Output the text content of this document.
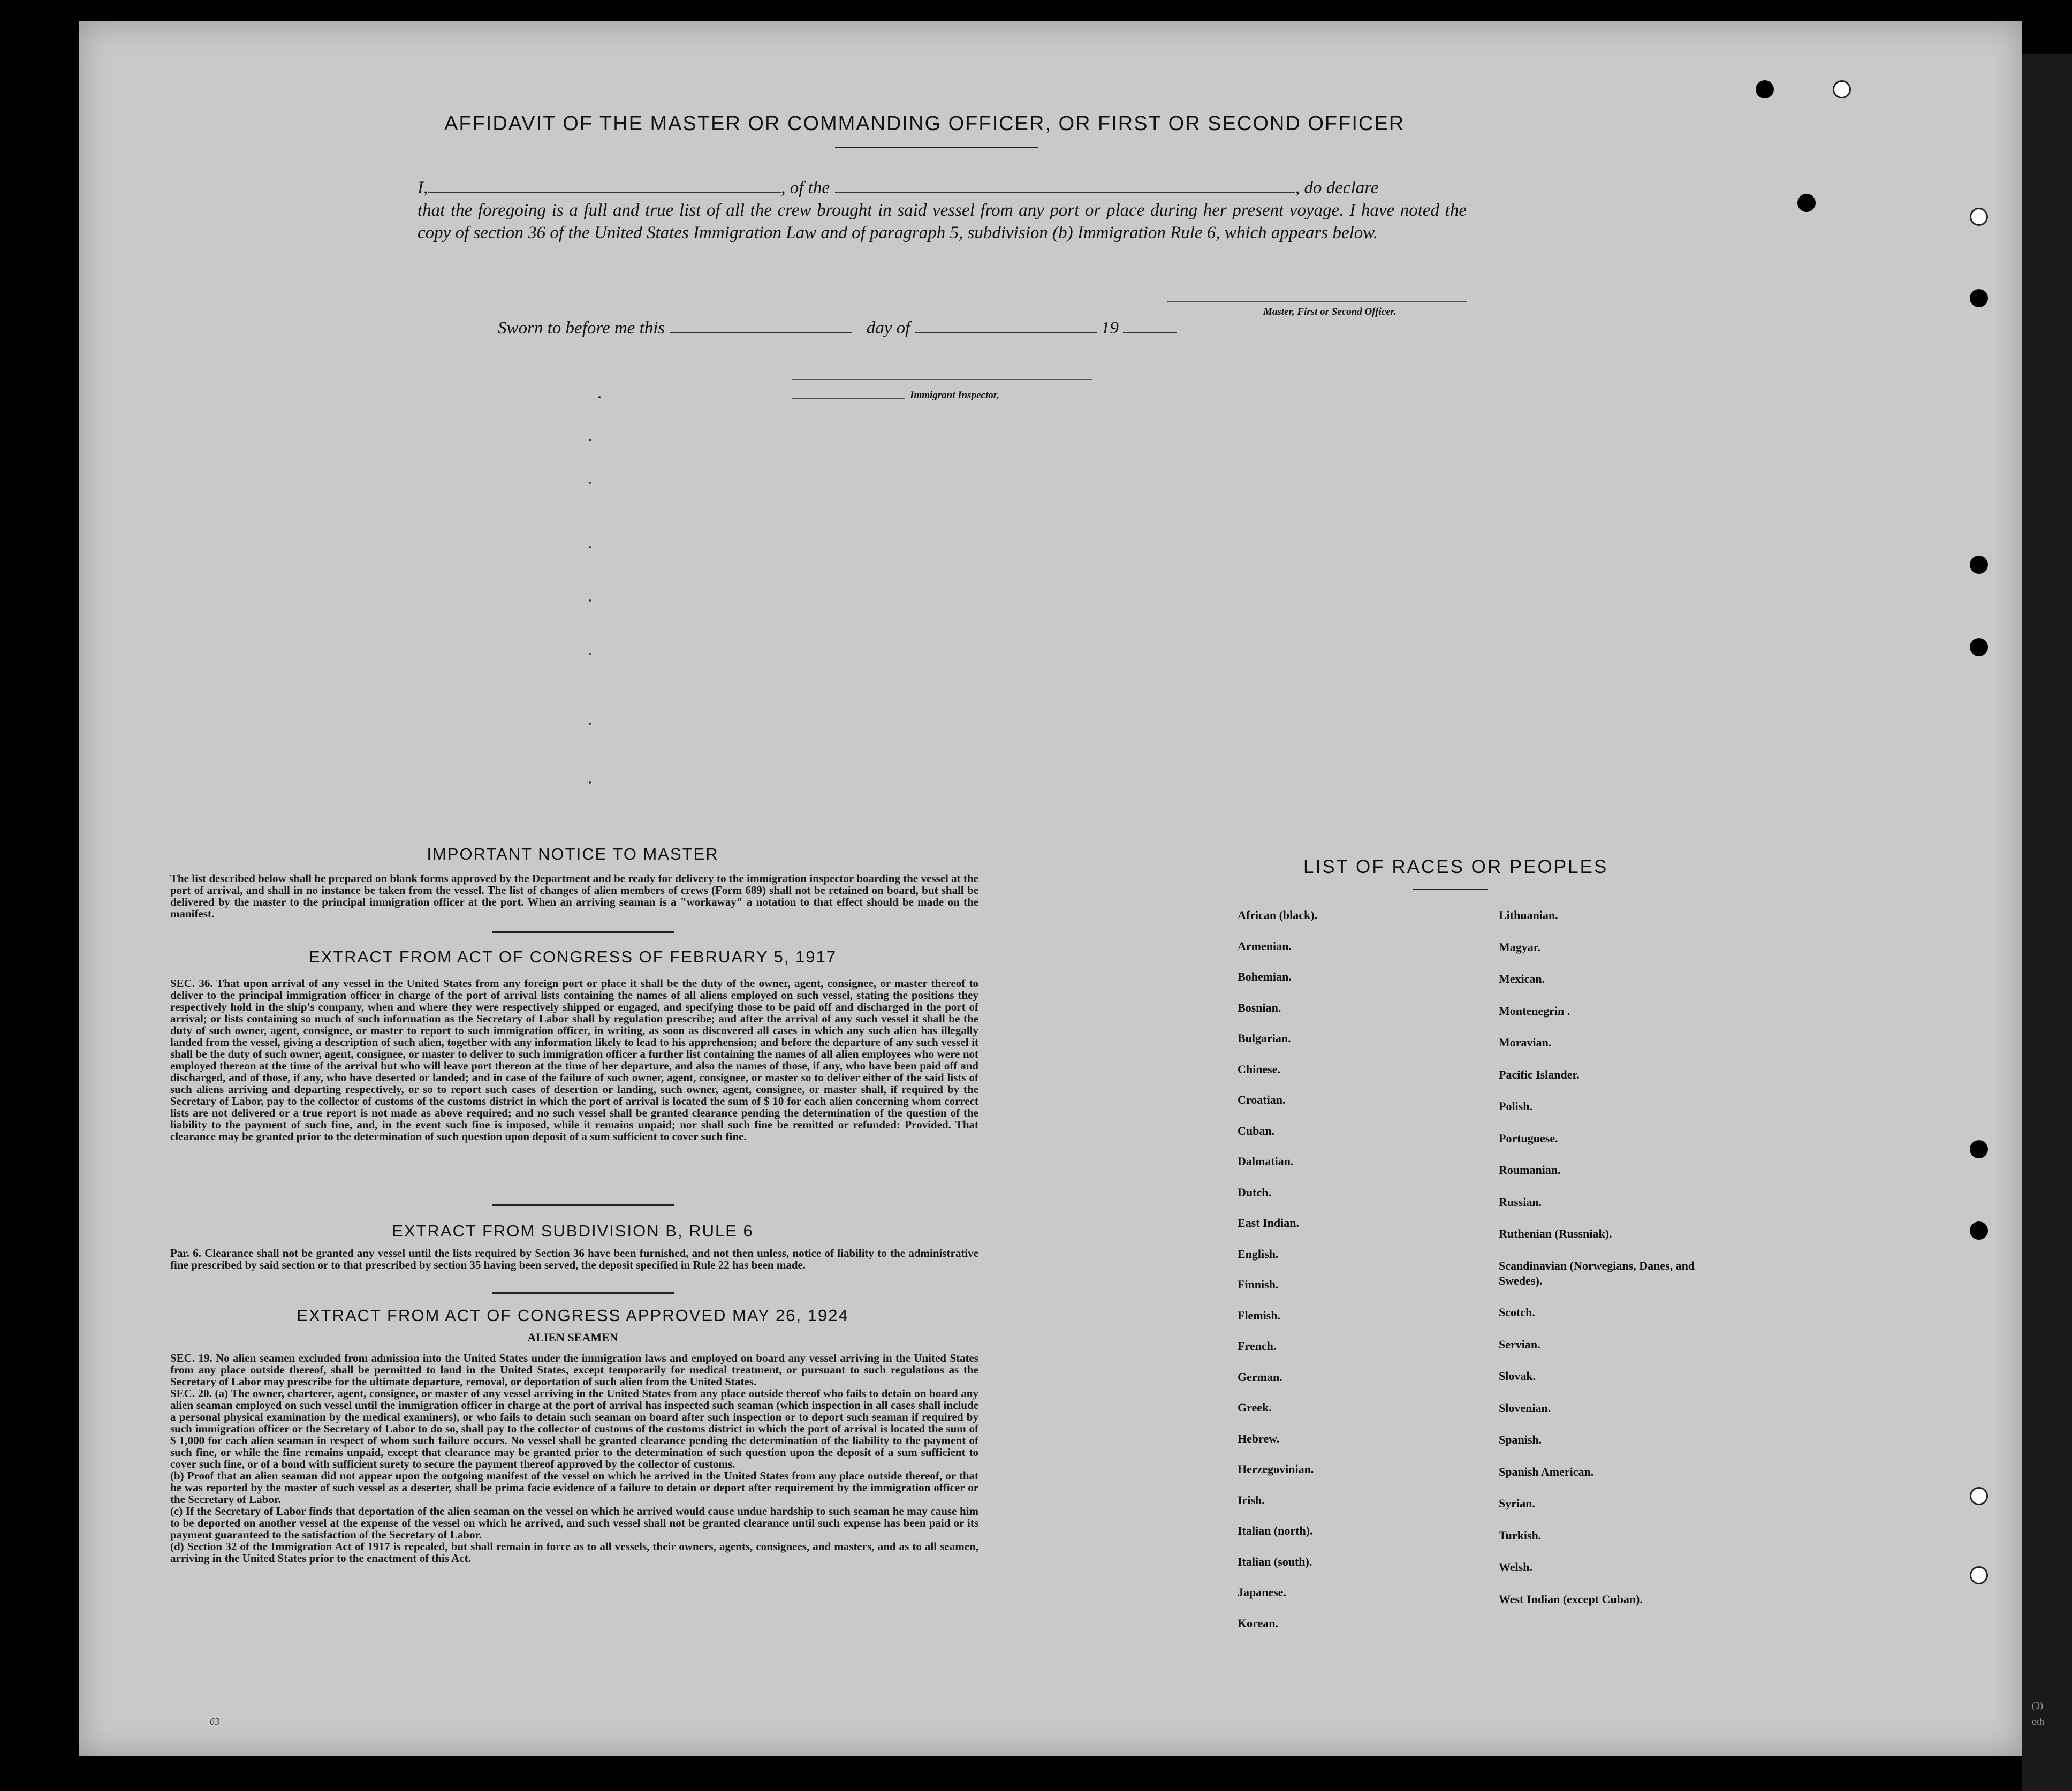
AFFIDAVIT OF THE MASTER OR COMMANDING OFFICER, OR FIRST OR SECOND OFFICER
I,	, of the	, do declare
that the foregoing is a full and true list of all the crew brought in said vessel from any port or place during her present voyage. I have noted the copy of section 36 of the United States Immigration Law and of paragraph 5, subdivision (b) Immigration Rule 6, which appears below.
Master, First or Second Officer.
Sworn to before me this	day of	19
Immigrant Inspector,
IMPORTANT NOTICE TO MASTER
The list described below shall be prepared on blank forms approved by the Department and be ready for delivery to the immigration inspector boarding the vessel at the port of arrival, and shall in no instance be taken from the vessel. The list of changes of alien members of crews (Form 689) shall not be retained on board, but shall be delivered by the master to the principal immigration officer at the port. When an arriving seaman is a "workaway" a notation to that effect should be made on the manifest.
EXTRACT FROM ACT OF CONGRESS OF FEBRUARY 5, 1917
SEC. 36. That upon arrival of any vessel in the United States from any foreign port or place it shall be the duty of the owner, agent, consignee, or master thereof to deliver to the principal immigration officer in charge of the port of arrival lists containing the names of all aliens employed on such vessel, stating the positions they respectively hold in the ship's company, when and where they were respectively shipped or engaged, and specifying those to be paid off and discharged in the port of arrival; or lists containing so much of such information as the Secretary of Labor shall by regulation prescribe; and after the arrival of any such vessel it shall be the duty of such owner, agent, consignee, or master to report to such immigration officer, in writing, as soon as discovered all cases in which any such alien has illegally landed from the vessel, giving a description of such alien, together with any information likely to lead to his apprehension; and before the departure of any such vessel it shall be the duty of such owner, agent, consignee, or master to deliver to such immigration officer a further list containing the names of all alien employees who were not employed thereon at the time of the arrival but who will leave port thereon at the time of her departure, and also the names of those, if any, who have been paid off and discharged, and of those, if any, who have deserted or landed; and in case of the failure of such owner, agent, consignee, or master so to deliver either of the said lists of such aliens arriving and departing respectively, or so to report such cases of desertion or landing, such owner, agent, consignee, or master shall, if required by the Secretary of Labor, pay to the collector of customs of the customs district in which the port of arrival is located the sum of $ 10 for each alien concerning whom correct lists are not delivered or a true report is not made as above required; and no such vessel shall be granted clearance pending the determination of the question of the liability to the payment of such fine, and, in the event such fine is imposed, while it remains unpaid; nor shall such fine be remitted or refunded: Provided. That clearance may be granted prior to the determination of such question upon deposit of a sum sufficient to cover such fine.
EXTRACT FROM SUBDIVISION B, RULE 6
Par. 6. Clearance shall not be granted any vessel until the lists required by Section 36 have been furnished, and not then unless, notice of liability to the administrative fine prescribed by said section or to that prescribed by section 35 having been served, the deposit specified in Rule 22 has been made.
EXTRACT FROM ACT OF CONGRESS APPROVED MAY 26, 1924
ALIEN SEAMEN
SEC. 19. No alien seamen excluded from admission into the United States under the immigration laws and employed on board any vessel arriving in the United States from any place outside thereof, shall be permitted to land in the United States, except temporarily for medical treatment, or pursuant to such regulations as the Secretary of Labor may prescribe for the ultimate departure, removal, or deportation of such alien from the United States.
SEC. 20. (a) The owner, charterer, agent, consignee, or master of any vessel arriving in the United States from any place outside thereof who fails to detain on board any alien seaman employed on such vessel until the immigration officer in charge at the port of arrival has inspected such seaman (which inspection in all cases shall include a personal physical examination by the medical examiners), or who fails to detain such seaman on board after such inspection or to deport such seaman if required by such immigration officer or the Secretary of Labor to do so, shall pay to the collector of customs of the customs district in which the port of arrival is located the sum of $ 1,000 for each alien seaman in respect of whom such failure occurs. No vessel shall be granted clearance pending the determination of the liability to the payment of such fine, or while the fine remains unpaid, except that clearance may be granted prior to the determination of such question upon the deposit of a sum sufficient to cover such fine, or of a bond with sufficient surety to secure the payment thereof approved by the collector of customs.
(b) Proof that an alien seaman did not appear upon the outgoing manifest of the vessel on which he arrived in the United States from any place outside thereof, or that he was reported by the master of such vessel as a deserter, shall be prima facie evidence of a failure to detain or deport after requirement by the immigration officer or the Secretary of Labor.
(c) If the Secretary of Labor finds that deportation of the alien seaman on the vessel on which he arrived would cause undue hardship to such seaman he may cause him to be deported on another vessel at the expense of the vessel on which he arrived, and such vessel shall not be granted clearance until such expense has been paid or its payment guaranteed to the satisfaction of the Secretary of Labor.
(d) Section 32 of the Immigration Act of 1917 is repealed, but shall remain in force as to all vessels, their owners, agents, consignees, and masters, and as to all seamen, arriving in the United States prior to the enactment of this Act.
LIST OF RACES OR PEOPLES
63
(3)
oth
African (black).
Armenian.
Bohemian.
Bosnian.
Bulgarian.
Chinese.
Croatian.
Cuban.
Dalmatian.
Dutch.
East Indian.
English.
Finnish.
Flemish.
French.
German.
Greek.
Hebrew.
Herzegovinian.
Irish.
Italian (north).
Italian (south).
Japanese.
Korean.
Lithuanian.
Magyar.
Mexican.
Montenegrin .
Moravian.
Pacific Islander.
Polish.
Portuguese.
Roumanian.
Russian.
Ruthenian (Russniak).
Scandinavian (Norwegians, Danes, and Swedes).
Scotch.
Servian.
Slovak.
Slovenian.
Spanish.
Spanish American.
Syrian.
Turkish.
Welsh.
West Indian (except Cuban).
